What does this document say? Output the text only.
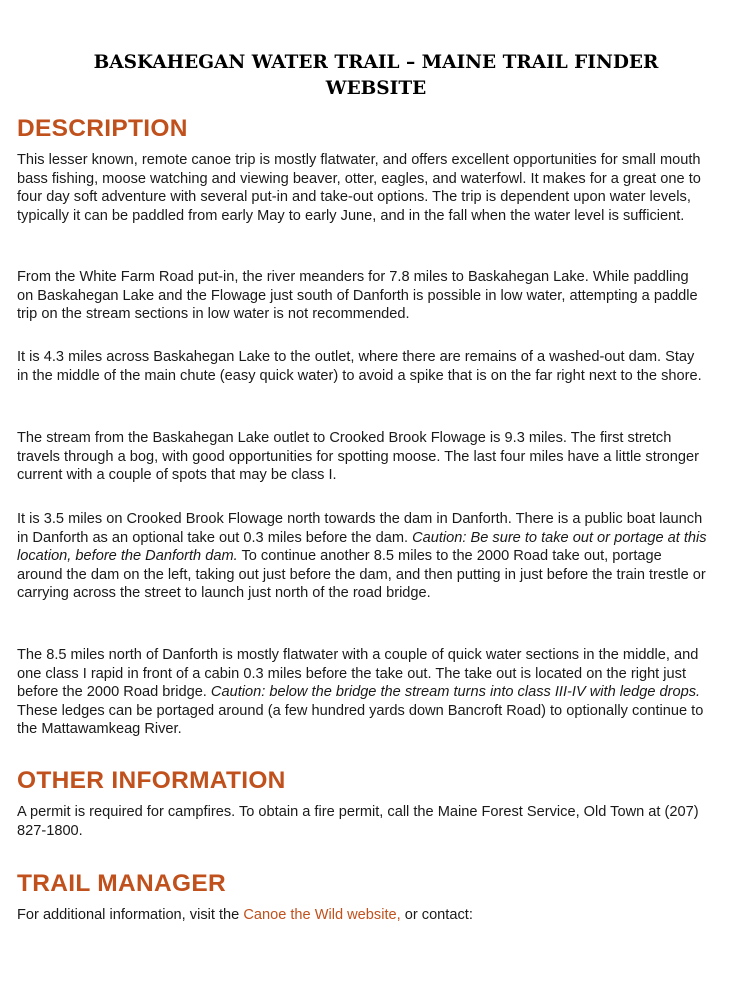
BASKAHEGAN WATER TRAIL – MAINE TRAIL FINDER
WEBSITE
DESCRIPTION

This lesser known, remote canoe trip is mostly flatwater, and offers excellent opportunities for small mouth bass fishing, moose watching and viewing beaver, otter, eagles, and waterfowl. It makes for a great one to four day soft adventure with several put-in and take-out options. The trip is dependent upon water levels, typically it can be paddled from early May to early June, and in the fall when the water level is sufficient.

From the White Farm Road put-in, the river meanders for 7.8 miles to Baskahegan Lake. While paddling on Baskahegan Lake and the Flowage just south of Danforth is possible in low water, attempting a paddle trip on the stream sections in low water is not recommended.

It is 4.3 miles across Baskahegan Lake to the outlet, where there are remains of a washed-out dam. Stay in the middle of the main chute (easy quick water) to avoid a spike that is on the far right next to the shore.

The stream from the Baskahegan Lake outlet to Crooked Brook Flowage is 9.3 miles. The first stretch travels through a bog, with good opportunities for spotting moose. The last four miles have a little stronger current with a couple of spots that may be class I.

It is 3.5 miles on Crooked Brook Flowage north towards the dam in Danforth. There is a public boat launch in Danforth as an optional take out 0.3 miles before the dam. Caution: Be sure to take out or portage at this location, before the Danforth dam. To continue another 8.5 miles to the 2000 Road take out, portage around the dam on the left, taking out just before the dam, and then putting in just before the train trestle or carrying across the street to launch just north of the road bridge.

The 8.5 miles north of Danforth is mostly flatwater with a couple of quick water sections in the middle, and one class I rapid in front of a cabin 0.3 miles before the take out. The take out is located on the right just before the 2000 Road bridge. Caution: below the bridge the stream turns into class III-IV with ledge drops. These ledges can be portaged around (a few hundred yards down Bancroft Road) to optionally continue to the Mattawamkeag River.

OTHER INFORMATION

A permit is required for campfires. To obtain a fire permit, call the Maine Forest Service, Old Town at (207) 827-1800.

TRAIL MANAGER

For additional information, visit the Canoe the Wild website, or contact:
